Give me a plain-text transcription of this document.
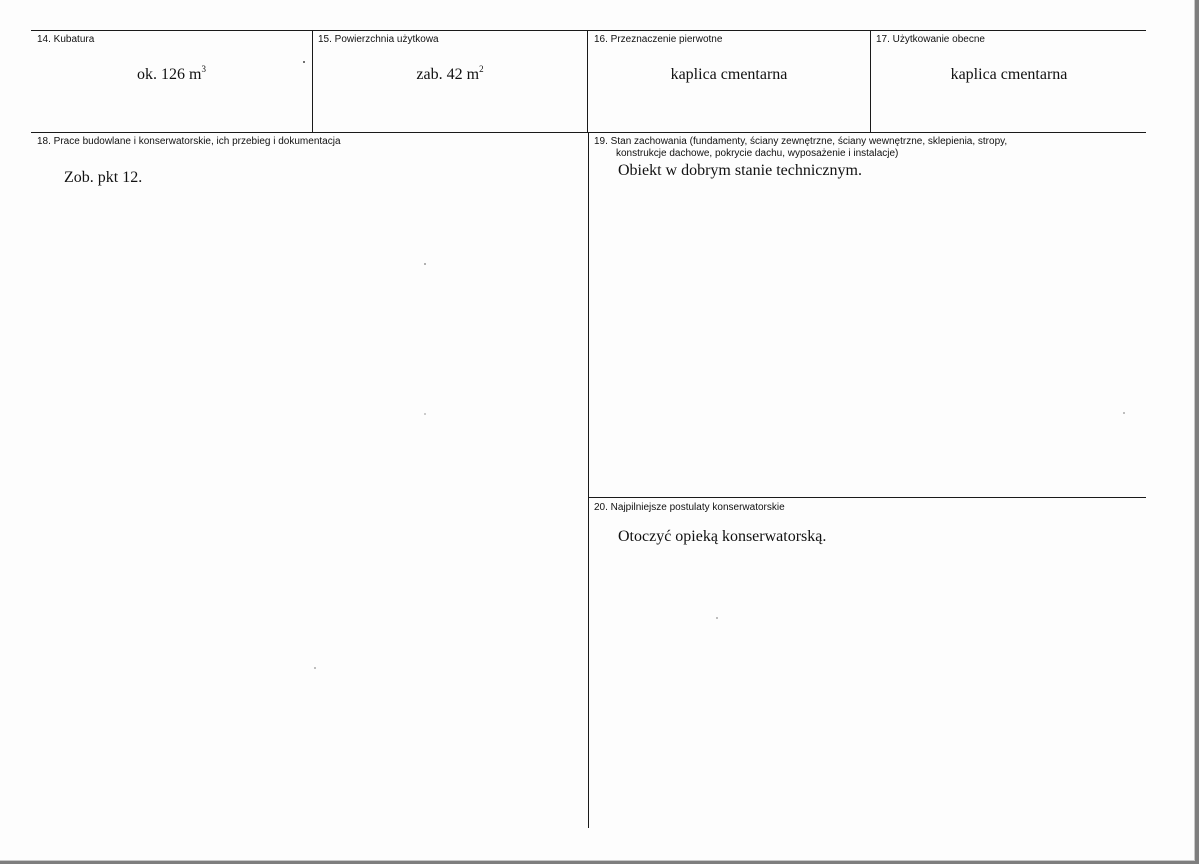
14. Kubatura
ok. 126 $m^3$
15. Powierzchnia użytkowa
zab. 42 $m^2$
16. Przeznaczenie pierwotne
kaplica cmentarna
17. Użytkowanie obecne
kaplica cmentarna
18. Prace budowlane i konserwatorskie, ich przebieg i dokumentacja
Zob. pkt 12.
19. Stan zachowania (fundamenty, ściany zewnętrzne, ściany wewnętrzne, sklepienia, stropy,
konstrukcje dachowe, pokrycie dachu, wyposażenie i instalacje)
Obiekt w dobrym stanie technicznym.
20. Najpilniejsze postulaty konserwatorskie
Otoczyć opieką konserwatorską.
